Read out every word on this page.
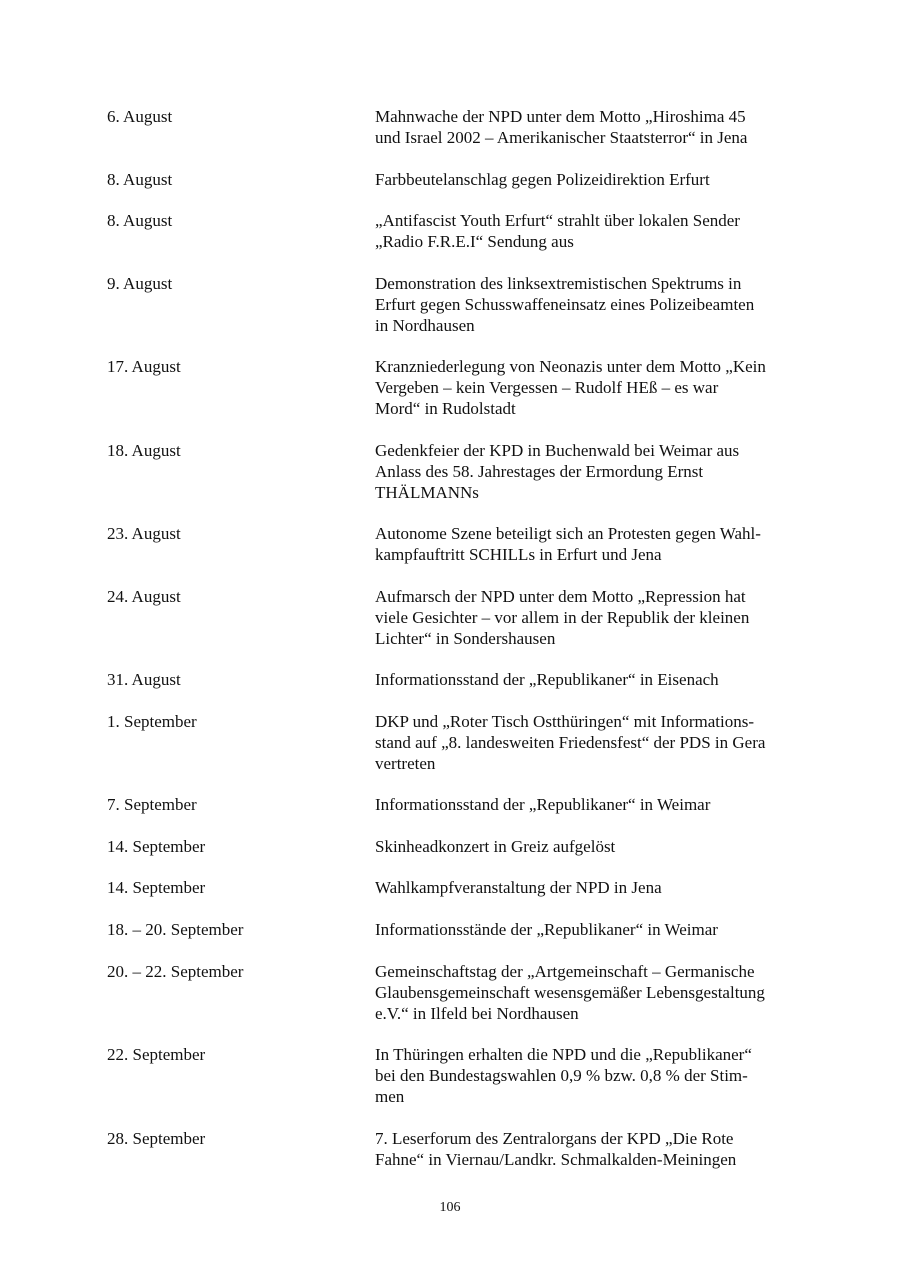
6. August	Mahnwache der NPD unter dem Motto „Hiroshima 45
und Israel 2002 – Amerikanischer Staatsterror“ in Jena
8. August	Farbbeutelanschlag gegen Polizeidirektion Erfurt
8. August	„Antifascist Youth Erfurt“ strahlt über lokalen Sender
„Radio F.R.E.I“ Sendung aus
9. August	Demonstration des linksextremistischen Spektrums in
Erfurt gegen Schusswaffeneinsatz eines Polizeibeamten
in Nordhausen
17. August	Kranzniederlegung von Neonazis unter dem Motto „Kein
Vergeben – kein Vergessen – Rudolf HEß – es war
Mord“ in Rudolstadt
18. August	Gedenkfeier der KPD in Buchenwald bei Weimar aus
Anlass des 58. Jahrestages der Ermordung Ernst
THÄLMANNs
23. August	Autonome Szene beteiligt sich an Protesten gegen Wahl-
kampfauftritt SCHILLs in Erfurt und Jena
24. August	Aufmarsch der NPD unter dem Motto „Repression hat
viele Gesichter – vor allem in der Republik der kleinen
Lichter“ in Sondershausen
31. August	Informationsstand der „Republikaner“ in Eisenach
1. September	DKP und „Roter Tisch Ostthüringen“ mit Informations-
stand auf „8. landesweiten Friedensfest“ der PDS in Gera
vertreten
7. September	Informationsstand der „Republikaner“ in Weimar
14. September	Skinheadkonzert in Greiz aufgelöst
14. September	Wahlkampfveranstaltung der NPD in Jena
18. – 20. September	Informationsstände der „Republikaner“ in Weimar
20. – 22. September	Gemeinschaftstag der „Artgemeinschaft – Germanische
Glaubensgemeinschaft wesensgemäßer Lebensgestaltung
e.V.“ in Ilfeld bei Nordhausen
22. September	In Thüringen erhalten die NPD und die „Republikaner“
bei den Bundestagswahlen 0,9 % bzw. 0,8 % der Stim-
men
28. September	7. Leserforum des Zentralorgans der KPD „Die Rote
Fahne“ in Viernau/Landkr. Schmalkalden-Meiningen
106
